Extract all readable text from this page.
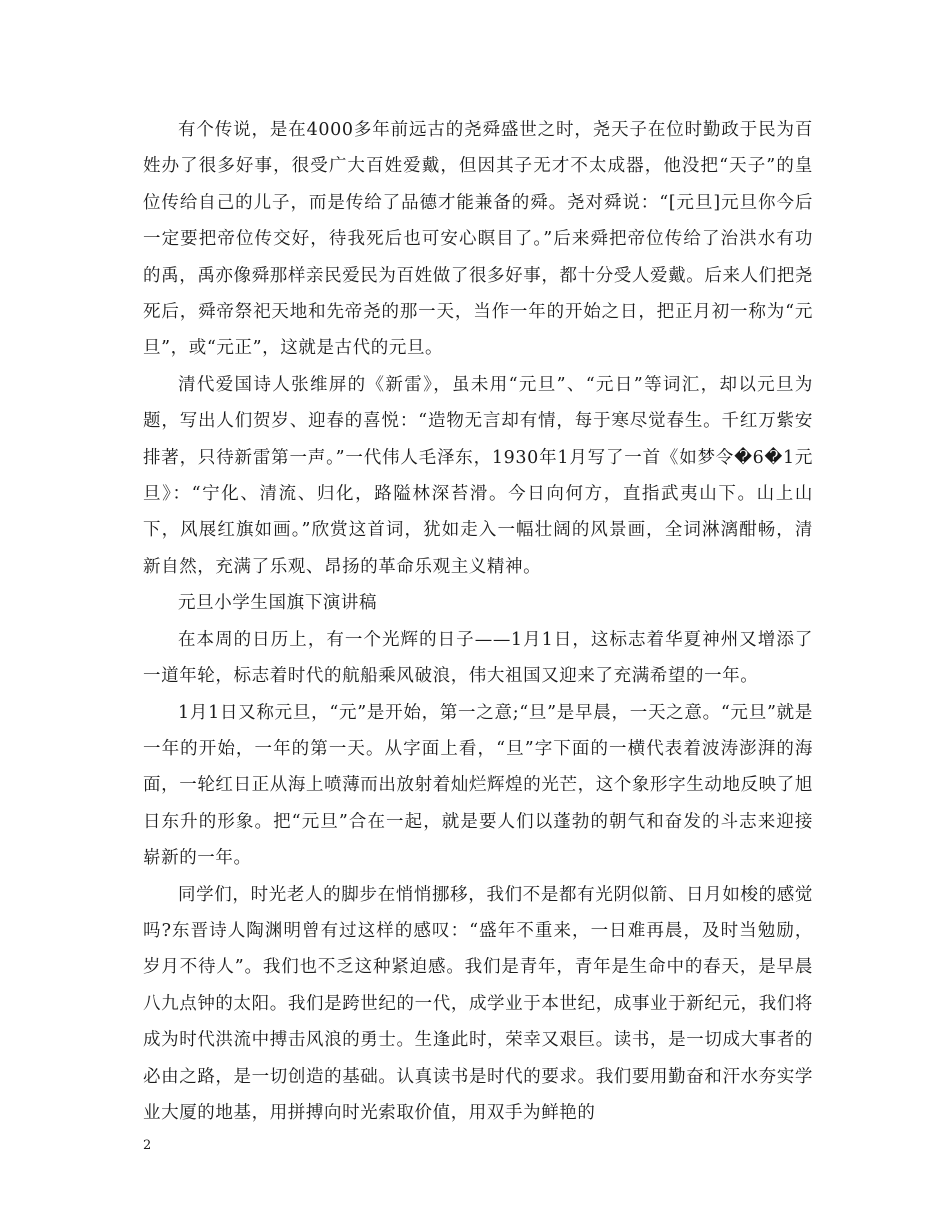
有个传说，是在4000多年前远古的尧舜盛世之时，尧天子在位时勤政于民为百姓办了很多好事，很受广大百姓爱戴，但因其子无才不太成器，他没把“天子”的皇位传给自己的儿子，而是传给了品德才能兼备的舜。尧对舜说：“[元旦]元旦你今后一定要把帝位传交好，待我死后也可安心瞑目了。”后来舜把帝位传给了治洪水有功的禹，禹亦像舜那样亲民爱民为百姓做了很多好事，都十分受人爱戴。后来人们把尧死后，舜帝祭祀天地和先帝尧的那一天，当作一年的开始之日，把正月初一称为“元旦”，或“元正”，这就是古代的元旦。

清代爱国诗人张维屏的《新雷》，虽未用“元旦”、“元日”等词汇，却以元旦为题，写出人们贺岁、迎春的喜悦：“造物无言却有情，每于寒尽觉春生。千红万紫安排著，只待新雷第一声。”一代伟人毛泽东，1930年1月写了一首《如梦令�6�1元旦》：“宁化、清流、归化，路隘林深苔滑。今日向何方，直指武夷山下。山上山下，风展红旗如画。”欣赏这首词，犹如走入一幅壮阔的风景画，全词淋漓酣畅，清新自然，充满了乐观、昂扬的革命乐观主义精神。

元旦小学生国旗下演讲稿

在本周的日历上，有一个光辉的日子——1月1日，这标志着华夏神州又增添了一道年轮，标志着时代的航船乘风破浪，伟大祖国又迎来了充满希望的一年。

1月1日又称元旦，“元”是开始，第一之意;“旦”是早晨，一天之意。“元旦”就是一年的开始，一年的第一天。从字面上看，“旦”字下面的一横代表着波涛澎湃的海面，一轮红日正从海上喷薄而出放射着灿烂辉煌的光芒，这个象形字生动地反映了旭日东升的形象。把“元旦”合在一起，就是要人们以蓬勃的朝气和奋发的斗志来迎接崭新的一年。

同学们，时光老人的脚步在悄悄挪移，我们不是都有光阴似箭、日月如梭的感觉吗?东晋诗人陶渊明曾有过这样的感叹：“盛年不重来，一日难再晨，及时当勉励，岁月不待人”。我们也不乏这种紧迫感。我们是青年，青年是生命中的春天，是早晨八九点钟的太阳。我们是跨世纪的一代，成学业于本世纪，成事业于新纪元，我们将成为时代洪流中搏击风浪的勇士。生逢此时，荣幸又艰巨。读书，是一切成大事者的必由之路，是一切创造的基础。认真读书是时代的要求。我们要用勤奋和汗水夯实学业大厦的地基，用拼搏向时光索取价值，用双手为鲜艳的

2
